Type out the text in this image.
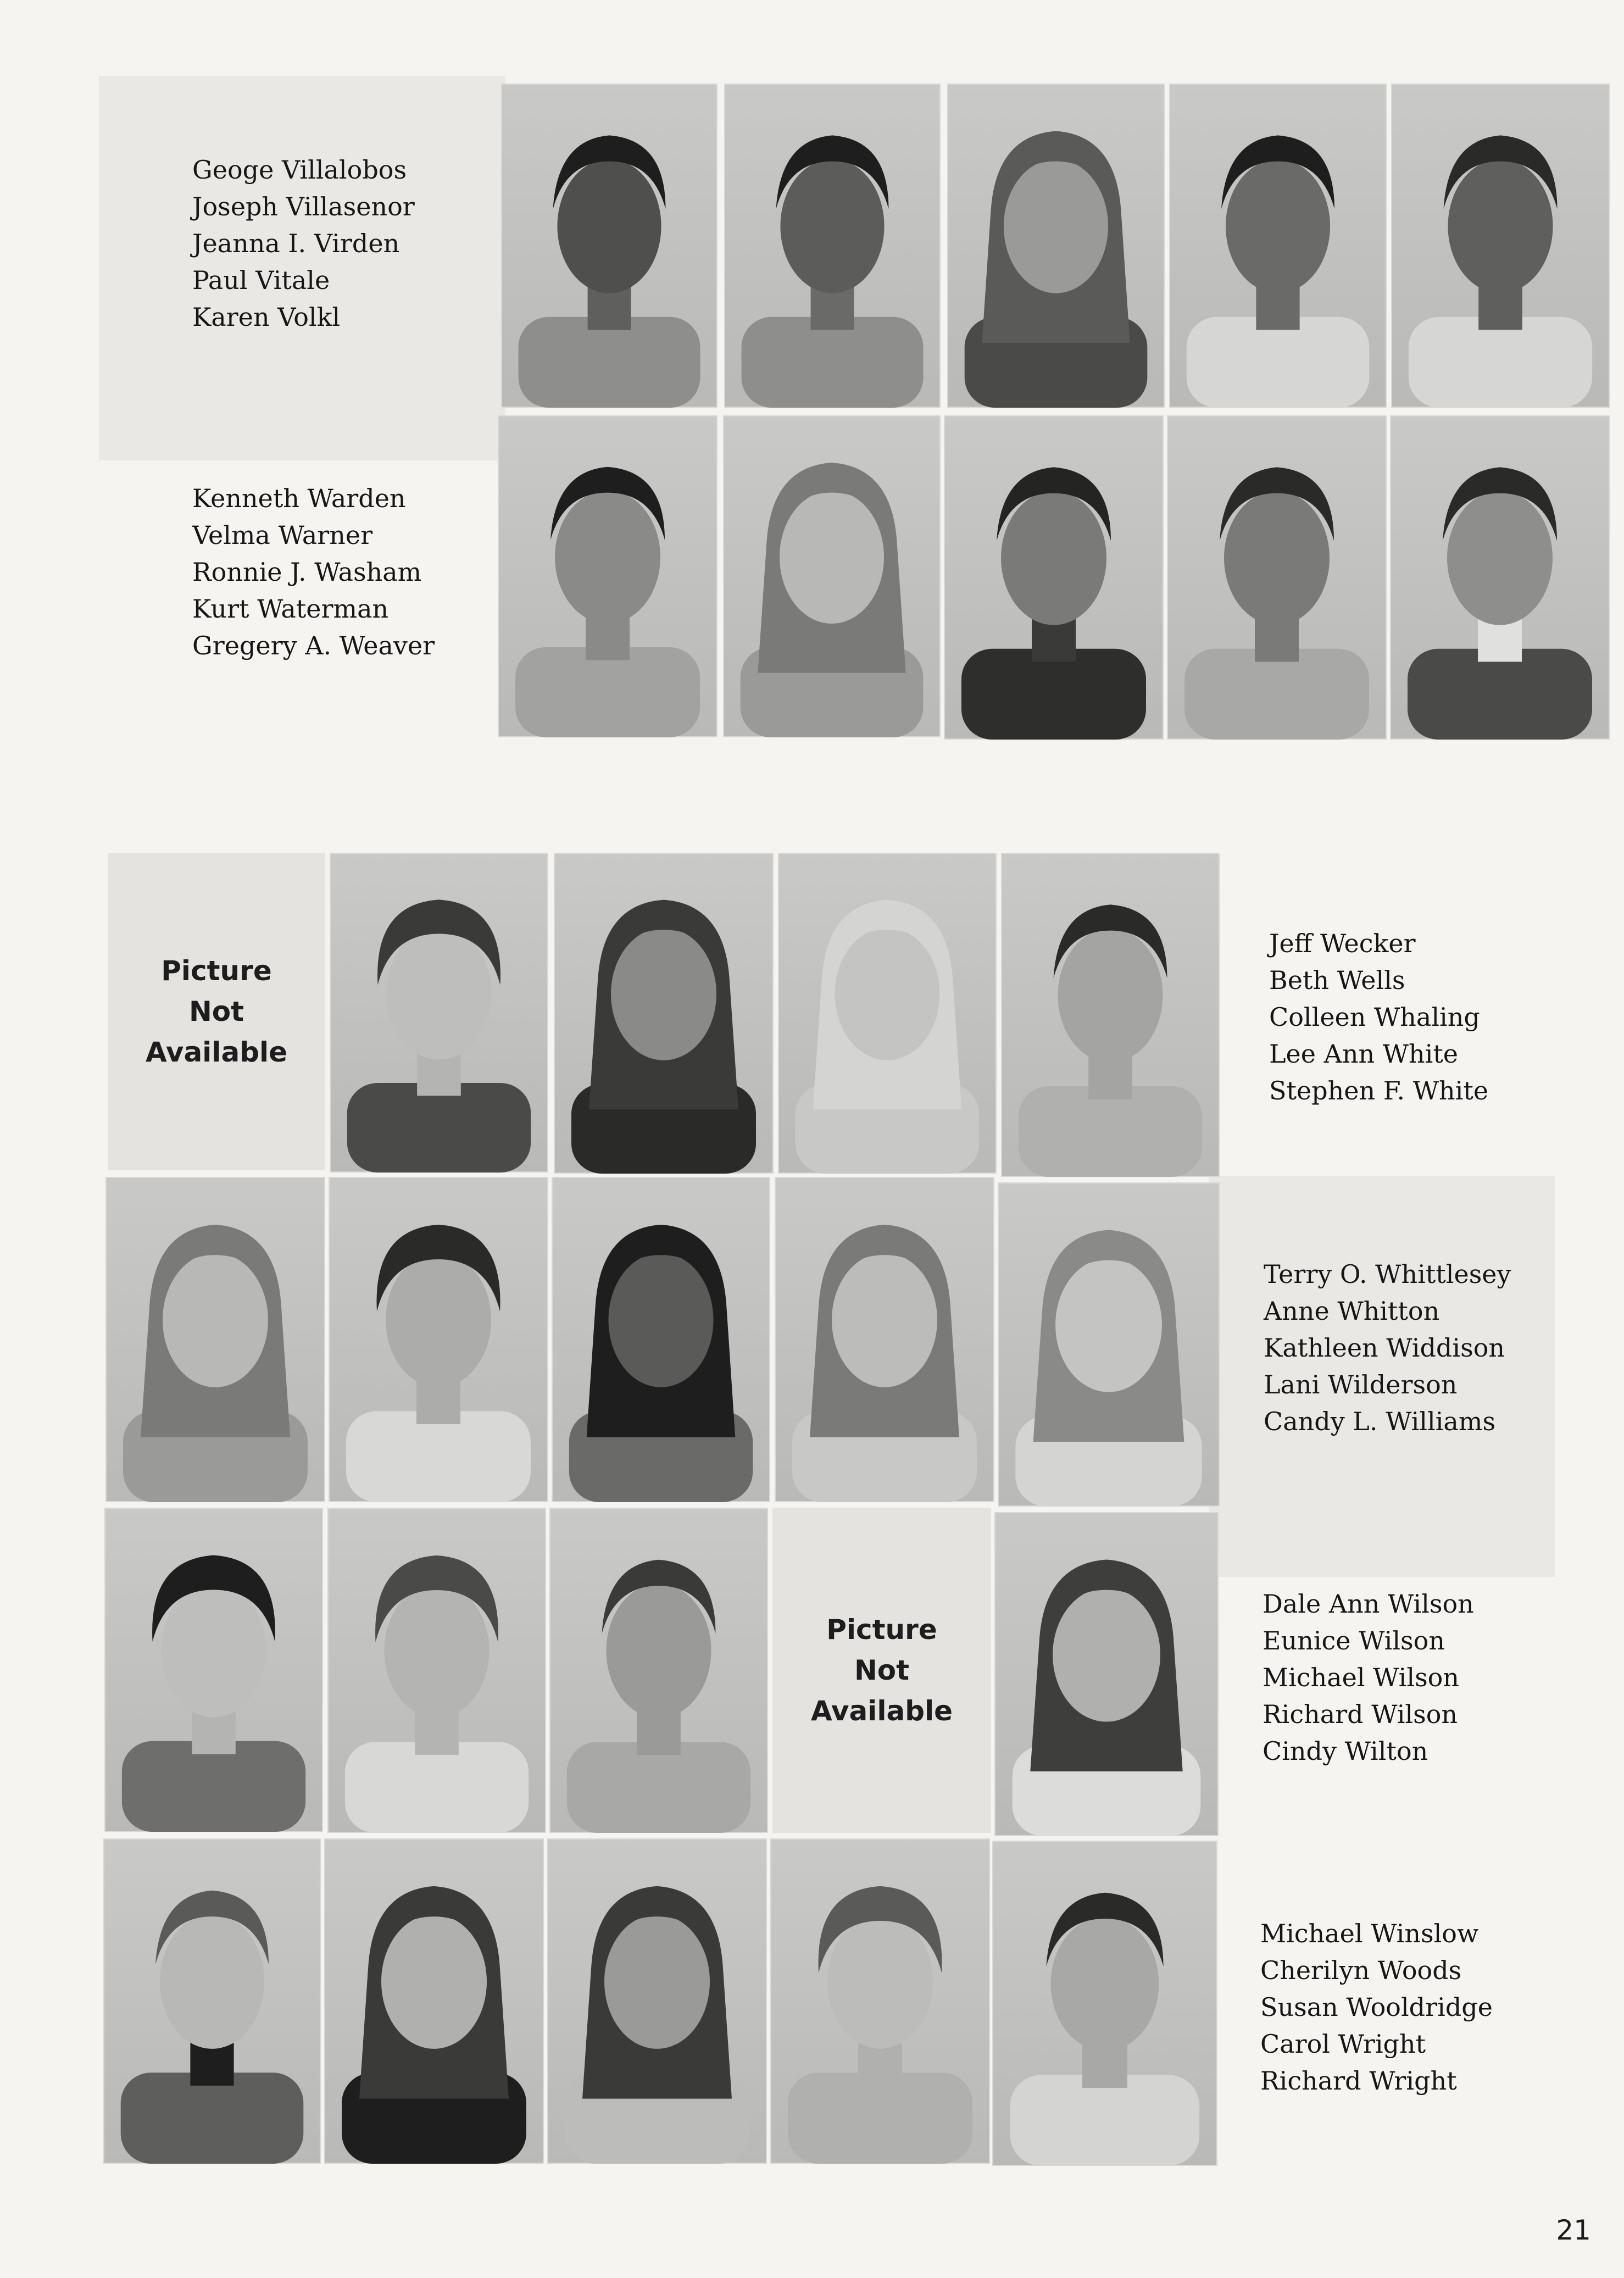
Geoge Villalobos
Joseph Villasenor
Jeanna I. Virden
Paul Vitale
Karen Volkl
Kenneth Warden
Velma Warner
Ronnie J. Washam
Kurt Waterman
Gregery A. Weaver
Picture
Not
Available
Picture
Not
Available
Jeff Wecker
Beth Wells
Colleen Whaling
Lee Ann White
Stephen F. White
Terry O. Whittlesey
Anne Whitton
Kathleen Widdison
Lani Wilderson
Candy L. Williams
Dale Ann Wilson
Eunice Wilson
Michael Wilson
Richard Wilson
Cindy Wilton
Michael Winslow
Cherilyn Woods
Susan Wooldridge
Carol Wright
Richard Wright
21
